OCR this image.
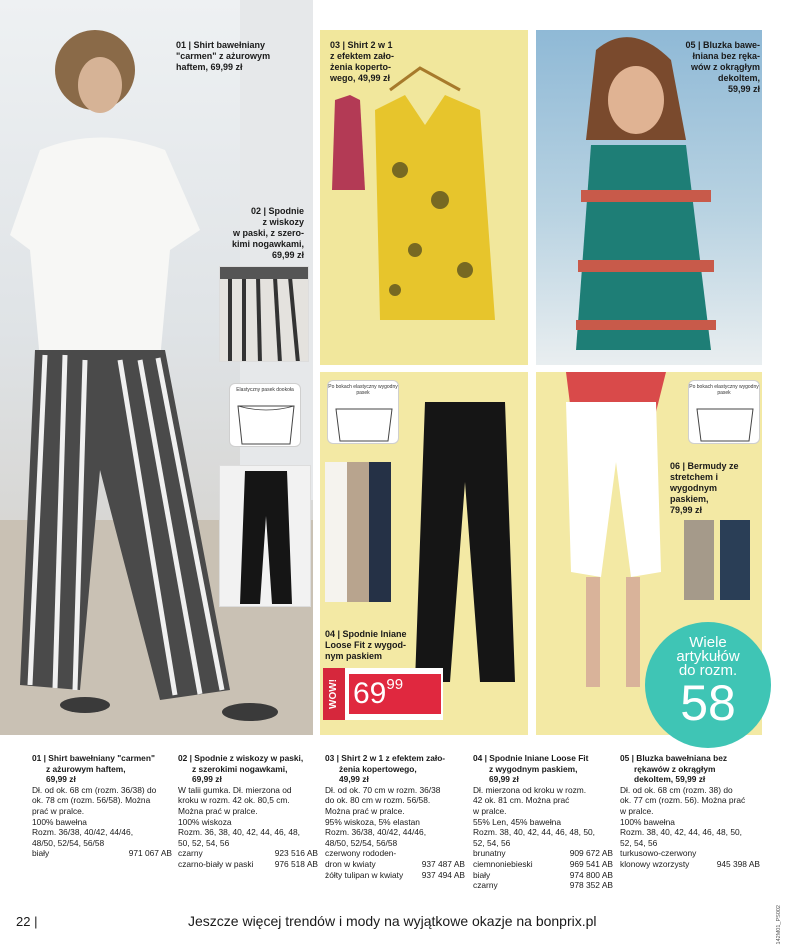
Elastyczny pasek dookoła	Po bokach elastyczny wygodny pasek
Po bokach elastyczny wygodny pasek
01 | Shirt bawełniany
"carmen" z ażurowym
haftem, 69,99 zł
02 | Spodnie
z wiskozy
w paski, z szero-
kimi nogawkami,
69,99 zł
03 | Shirt 2 w 1
z efektem zało-
żenia kopertо-
wego, 49,99 zł
05 | Bluzka bawe-
łniana bez ręka-
wów z okrągłym
dekoltem,
59,99 zł
04 | Spodnie lniane
Loose Fit z wygod-
nym paskiem
06 | Bermudy ze
stretchem i
wygodnym
paskiem,
79,99 zł
WOW! $69^{99}$
Wiele
artykułów
do rozm.
58

01 | Shirt bawełniany "carmen"

z ażurowym haftem,

69,99 zł

Dł. od ok. 68 cm (rozm. 36/38) do

ok. 78 cm (rozm. 56/58). Można

prać w pralce.

100% bawełna

Rozm. 36/38, 40/42, 44/46,

48/50, 52/54, 56/58

biały	971 067 AB

02 | Spodnie z wiskozy w paski,

z szerokimi nogawkami,

69,99 zł

W talii gumka. Dł. mierzona od

kroku w rozm. 42 ok. 80,5 cm.

Można prać w pralce.

100% wiskoza

Rozm. 36, 38, 40, 42, 44, 46, 48,

50, 52, 54, 56

czarny	923 516 AB
czarno-biały w paski	976 518 AB

03 | Shirt 2 w 1 z efektem zało-

żenia kopertowego,

49,99 zł

Dł. od ok. 70 cm w rozm. 36/38

do ok. 80 cm w rozm. 56/58.

Można prać w pralce.

95% wiskoza, 5% elastan

Rozm. 36/38, 40/42, 44/46,

48/50, 52/54, 56/58

czerwony rododen-
dron w kwiaty	937 487 AB
żółty tulipan w kwiaty 937 494 AB

04 | Spodnie lniane Loose Fit

z wygodnym paskiem,

69,99 zł

Dł. mierzona od kroku w rozm.

42 ok. 81 cm. Można prać

w pralce.

55% Len, 45% bawełna

Rozm. 38, 40, 42, 44, 46, 48, 50,

52, 54, 56

brunatny	909 672 AB
ciemnoniebieski	969 541 AB
biały	974 800 AB
czarny	978 352 AB

05 | Bluzka bawełniana bez

rękawów z okrągłym

dekoltem, 59,99 zł

Dł. od ok. 68 cm (rozm. 38) do

ok. 77 cm (rozm. 56). Można prać

w pralce.

100% bawełna

Rozm. 38, 40, 42, 44, 46, 48, 50,

52, 54, 56

turkusowo-czerwony
klonowy wzorzysty	945 398 AB
22 |	Jeszcze więcej trendów i mody na wyjątkowe okazje na bonprix.pl	142M01_PS002
